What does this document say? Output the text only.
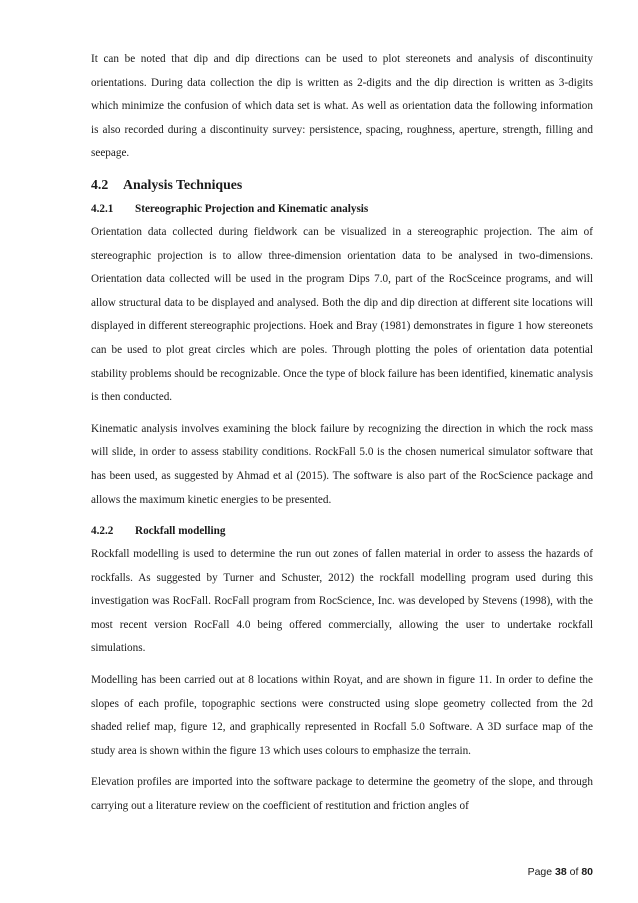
It can be noted that dip and dip directions can be used to plot stereonets and analysis of discontinuity orientations. During data collection the dip is written as 2-digits and the dip direction is written as 3-digits which minimize the confusion of which data set is what. As well as orientation data the following information is also recorded during a discontinuity survey: persistence, spacing, roughness, aperture, strength, filling and seepage.

4.2 Analysis Techniques
4.2.1 Stereographic Projection and Kinematic analysis

Orientation data collected during fieldwork can be visualized in a stereographic projection. The aim of stereographic projection is to allow three-dimension orientation data to be analysed in two-dimensions. Orientation data collected will be used in the program Dips 7.0, part of the RocSceince programs, and will allow structural data to be displayed and analysed. Both the dip and dip direction at different site locations will displayed in different stereographic projections. Hoek and Bray (1981) demonstrates in figure 1 how stereonets can be used to plot great circles which are poles. Through plotting the poles of orientation data potential stability problems should be recognizable. Once the type of block failure has been identified, kinematic analysis is then conducted.

Kinematic analysis involves examining the block failure by recognizing the direction in which the rock mass will slide, in order to assess stability conditions. RockFall 5.0 is the chosen numerical simulator software that has been used, as suggested by Ahmad et al (2015). The software is also part of the RocScience package and allows the maximum kinetic energies to be presented.

4.2.2 Rockfall modelling

Rockfall modelling is used to determine the run out zones of fallen material in order to assess the hazards of rockfalls. As suggested by Turner and Schuster, 2012) the rockfall modelling program used during this investigation was RocFall. RocFall program from RocScience, Inc. was developed by Stevens (1998), with the most recent version RocFall 4.0 being offered commercially, allowing the user to undertake rockfall simulations.

Modelling has been carried out at 8 locations within Royat, and are shown in figure 11. In order to define the slopes of each profile, topographic sections were constructed using slope geometry collected from the 2d shaded relief map, figure 12, and graphically represented in Rocfall 5.0 Software. A 3D surface map of the study area is shown within the figure 13 which uses colours to emphasize the terrain.

Elevation profiles are imported into the software package to determine the geometry of the slope, and through carrying out a literature review on the coefficient of restitution and friction angles of

Page 38 of 80
